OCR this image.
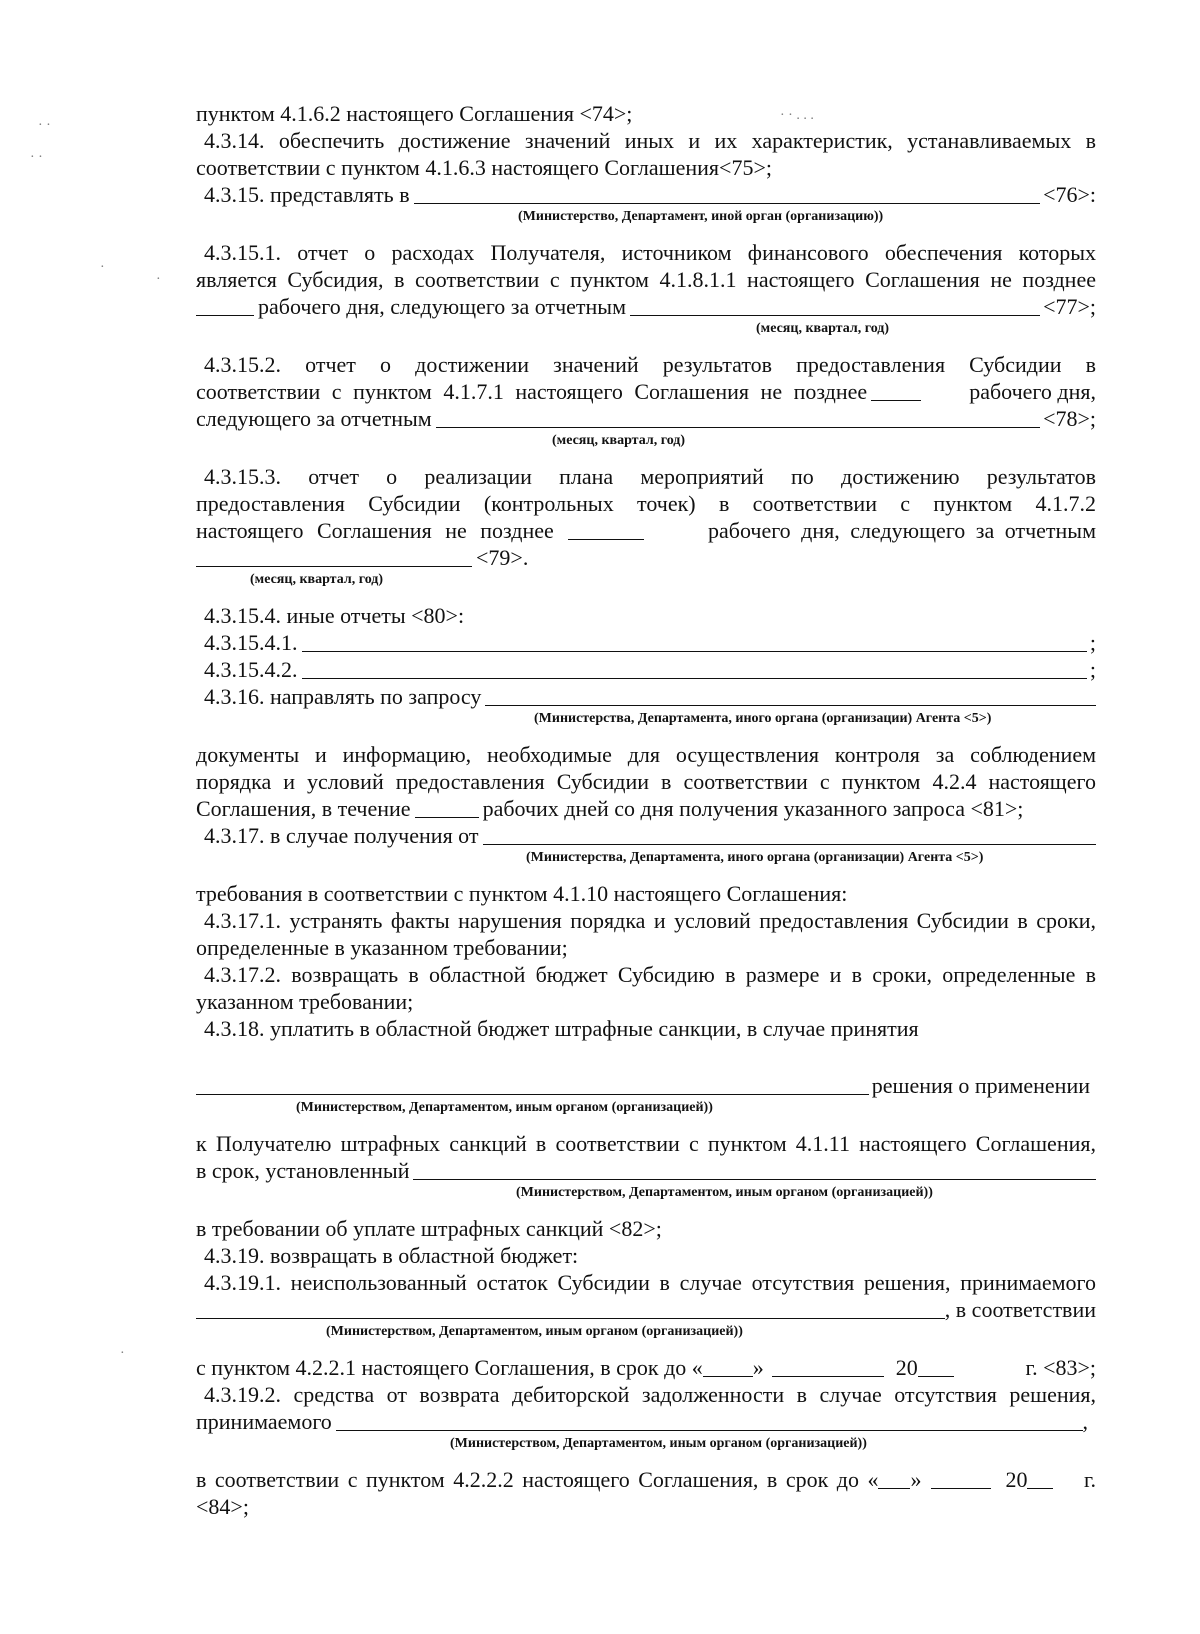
пунктом 4.1.6.2 настоящего Соглашения <74>;
4.3.14. обеспечить достижение значений иных и их характеристик, устанавливаемых в
соответствии с пунктом 4.1.6.3 настоящего Соглашения<75>;
4.3.15. представлять в	<76>:
(Министерство, Департамент, иной орган (организацию))
4.3.15.1. отчет о расходах Получателя, источником финансового обеспечения которых
является Субсидия, в соответствии с пунктом 4.1.8.1.1 настоящего Соглашения не позднее
рабочего дня, следующего за отчетным	<77>;
(месяц, квартал, год)
4.3.15.2. отчет о достижении значений результатов предоставления Субсидии в
соответствии с пунктом 4.1.7.1 настоящего Соглашения не позднее	рабочего дня,
следующего за отчетным	<78>;
(месяц, квартал, год)
4.3.15.3. отчет о реализации плана мероприятий по достижению результатов
предоставления Субсидии (контрольных точек) в соответствии с пунктом 4.1.7.2
настоящего Соглашения не позднее	рабочего дня, следующего за отчетным
<79>.
(месяц, квартал, год)
4.3.15.4. иные отчеты <80>:
4.3.15.4.1.	;
4.3.15.4.2.	;
4.3.16. направлять по запросу
(Министерства, Департамента, иного органа (организации) Агента <5>)
документы и информацию, необходимые для осуществления контроля за соблюдением
порядка и условий предоставления Субсидии в соответствии с пунктом 4.2.4 настоящего
Соглашения, в течение	рабочих дней со дня получения указанного запроса <81>;
4.3.17. в случае получения от
(Министерства, Департамента, иного органа (организации) Агента <5>)
требования в соответствии с пунктом 4.1.10 настоящего Соглашения:
4.3.17.1. устранять факты нарушения порядка и условий предоставления Субсидии в сроки,
определенные в указанном требовании;
4.3.17.2. возвращать в областной бюджет Субсидию в размере и в сроки, определенные в
указанном требовании;
4.3.18. уплатить в областной бюджет штрафные санкции, в случае принятия
решения о применении
(Министерством, Департаментом, иным органом (организацией))
к Получателю штрафных санкций в соответствии с пунктом 4.1.11 настоящего Соглашения,
в срок, установленный
(Министерством, Департаментом, иным органом (организацией))
в требовании об уплате штрафных санкций <82>;
4.3.19. возвращать в областной бюджет:
4.3.19.1. неиспользованный остаток Субсидии в случае отсутствия решения, принимаемого
, в соответствии
(Министерством, Департаментом, иным органом (организацией))
с пунктом 4.2.2.1 настоящего Соглашения, в срок до « »	20	г. <83>;
4.3.19.2. средства от возврата дебиторской задолженности в случае отсутствия решения,
принимаемого	,
(Министерством, Департаментом, иным органом (организацией))
в соответствии с пунктом 4.2.2.2 настоящего Соглашения, в срок до « »	20	г.
<84>;
· ·
· ·
·
·
· · . . .
·
